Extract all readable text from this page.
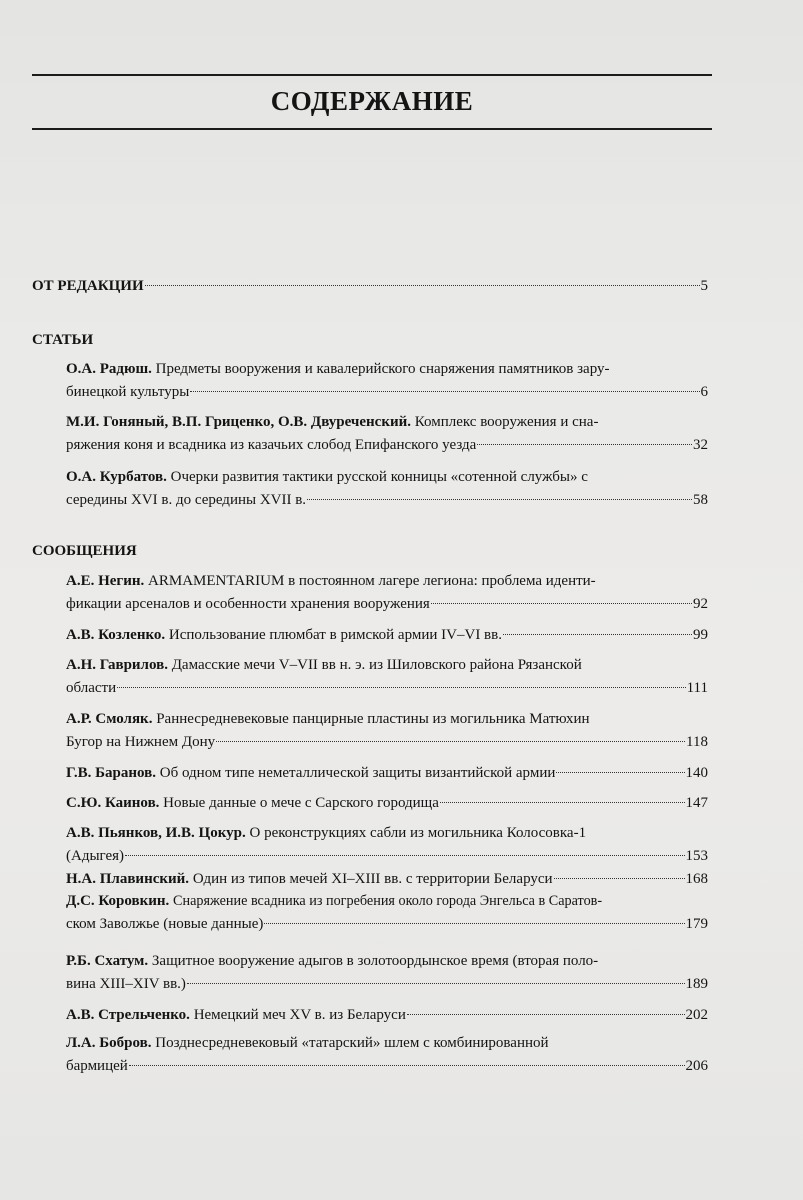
СОДЕРЖАНИЕ
ОТ РЕДАКЦИИ	5
СТАТЬИ
О.А. Радюш. Предметы вооружения и кавалерийского снаряжения памятников зару-
бинецкой культуры	6
М.И. Гоняный, В.П. Гриценко, О.В. Двуреченский. Комплекс вооружения и сна-
ряжения коня и всадника из казачьих слобод Епифанского уезда	32
О.А. Курбатов. Очерки развития тактики русской конницы «сотенной службы» с
середины XVI в. до середины XVII в.	58
СООБЩЕНИЯ
А.Е. Негин. ARMAMENTARIUM в постоянном лагере легиона: проблема иденти-
фикации арсеналов и особенности хранения вооружения	92
А.В. Козленко.
Использование плюмбат в римской армии IV–VI вв.	99
А.Н. Гаврилов. Дамасские мечи V–VII вв н. э. из Шиловского района Рязанской
области	111
А.Р. Смоляк. Раннесредневековые панцирные пластины из могильника Матюхин
Бугор на Нижнем Дону	118
Г.В. Баранов.
Об одном типе неметаллической защиты византийской армии	140
С.Ю. Каинов.
Новые данные о мече с Сарского городища	147
А.В. Пьянков, И.В. Цокур. О реконструкциях сабли из могильника Колосовка-1
(Адыгея)	153
Н.А. Плавинский.
Один из типов мечей XI–XIII вв. с территории Беларуси	168
Д.С. Коровкин. Снаряжение всадника из погребения около города Энгельса в Саратов-
ском Заволжье (новые данные)	179
Р.Б. Схатум. Защитное вооружение адыгов в золотоордынское время (вторая поло-
вина XIII–XIV вв.)	189
А.В. Стрельченко.
Немецкий меч XV в. из Беларуси	202
Л.А. Бобров. Позднесредневековый «татарский» шлем с комбинированной
бармицей	206
